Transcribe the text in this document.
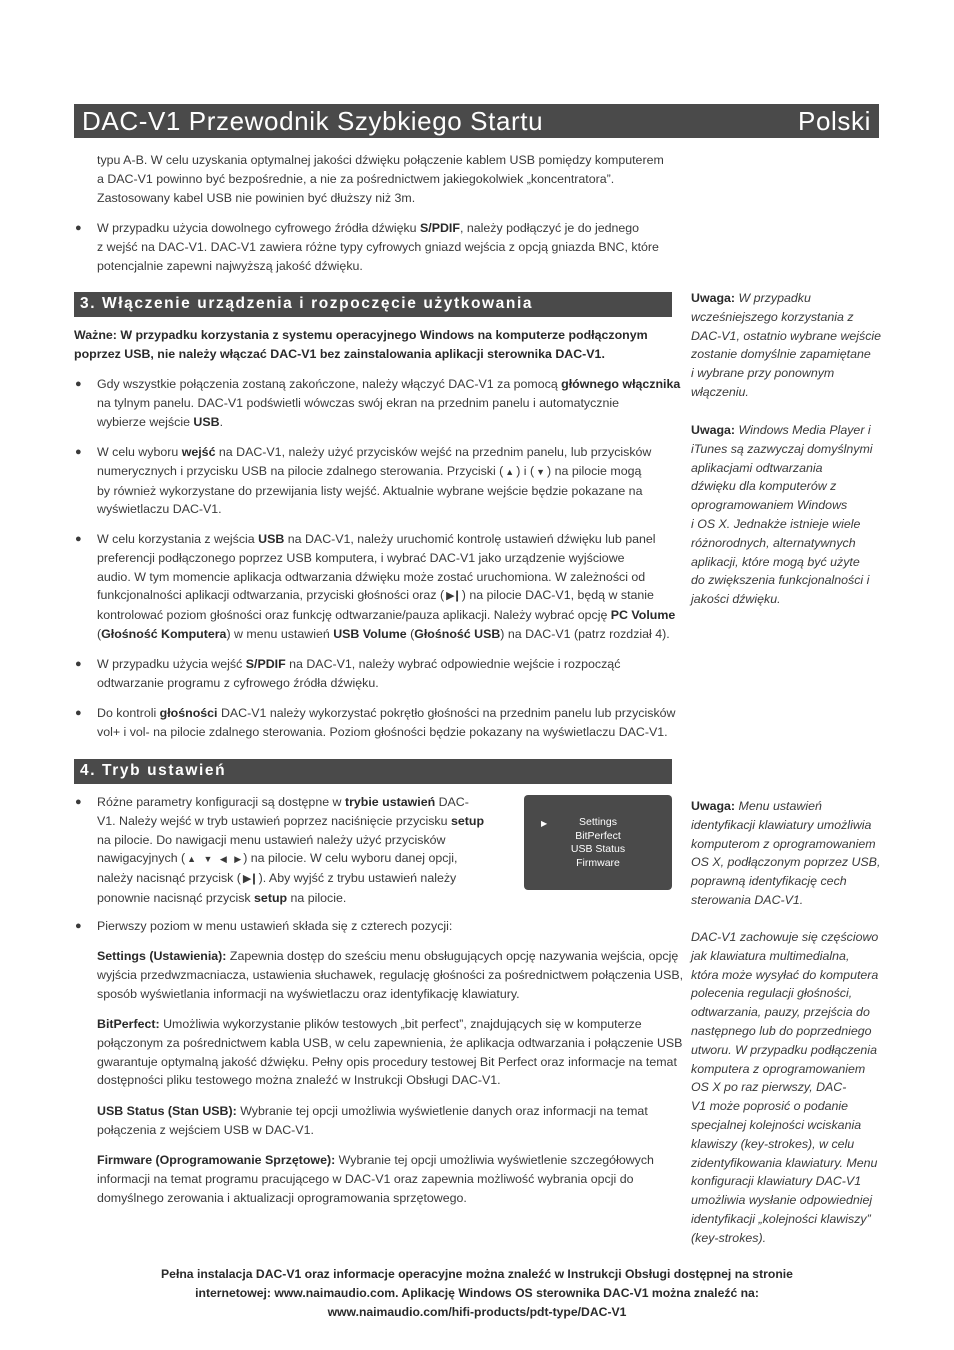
DAC-V1 Przewodnik Szybkiego Startu	Polski
typu A-B. W celu uzyskania optymalnej jakości dźwięku połączenie kablem USB pomiędzy komputerem
a DAC-V1 powinno być bezpośrednie, a nie za pośrednictwem jakiegokolwiek „koncentratora”.
Zastosowany kabel USB nie powinien być dłuższy niż 3m.
● W przypadku użycia dowolnego cyfrowego źródła dźwięku S/PDIF, należy podłączyć je do jednego
z wejść na DAC-V1. DAC-V1 zawiera różne typy cyfrowych gniazd wejścia z opcją gniazda BNC, które
potencjalnie zapewni najwyższą jakość dźwięku.
3. Włączenie urządzenia i rozpoczęcie użytkowania
Ważne: W przypadku korzystania z systemu operacyjnego Windows na komputerze podłączonym
poprzez USB, nie należy włączać DAC-V1 bez zainstalowania aplikacji sterownika DAC-V1.
● Gdy wszystkie połączenia zostaną zakończone, należy włączyć DAC-V1 za pomocą głównego włącznika
na tylnym panelu. DAC-V1 podświetli wówczas swój ekran na przednim panelu i automatycznie
wybierze wejście USB.
● W celu wyboru wejść na DAC-V1, należy użyć przycisków wejść na przednim panelu, lub przycisków
numerycznych i przycisku USB na pilocie zdalnego sterowania. Przyciski ( ▲ ) i ( ▼ ) na pilocie mogą
by również wykorzystane do przewijania listy wejść. Aktualnie wybrane wejście będzie pokazane na
wyświetlaczu DAC-V1.
● W celu korzystania z wejścia USB na DAC-V1, należy uruchomić kontrolę ustawień dźwięku lub panel
preferencji podłączonego poprzez USB komputera, i wybrać DAC-V1 jako urządzenie wyjściowe
audio. W tym momencie aplikacja odtwarzania dźwięku może zostać uruchomiona. W zależności od
funkcjonalności aplikacji odtwarzania, przyciski głośności oraz ( ▶❙ ) na pilocie DAC-V1, będą w stanie
kontrolować poziom głośności oraz funkcję odtwarzanie/pauza aplikacji. Należy wybrać opcję PC Volume
(Głośność Komputera) w menu ustawień USB Volume (Głośność USB) na DAC-V1 (patrz rozdział 4).
● W przypadku użycia wejść S/PDIF na DAC-V1, należy wybrać odpowiednie wejście i rozpocząć
odtwarzanie programu z cyfrowego źródła dźwięku.
● Do kontroli głośności DAC-V1 należy wykorzystać pokrętło głośności na przednim panelu lub przycisków
vol+ i vol- na pilocie zdalnego sterowania. Poziom głośności będzie pokazany na wyświetlaczu DAC-V1.
4. Tryb ustawień
● Różne parametry konfiguracji są dostępne w trybie ustawień DAC-
V1. Należy wejść w tryb ustawień poprzez naciśnięcie przycisku setup
na pilocie. Do nawigacji menu ustawień należy użyć przycisków
nawigacyjnych ( ▲ ▼ ◀ ▶ ) na pilocie. W celu wyboru danej opcji,
należy nacisnąć przycisk ( ▶❙ ). Aby wyjść z trybu ustawień należy
ponownie nacisnąć przycisk setup na pilocie.
▶	Settings
BitPerfect
USB Status
Firmware
● Pierwszy poziom w menu ustawień składa się z czterech pozycji:
Settings (Ustawienia): Zapewnia dostęp do sześciu menu obsługujących opcję nazywania wejścia, opcję
wyjścia przedwzmacniacza, ustawienia słuchawek, regulację głośności za pośrednictwem połączenia USB,
sposób wyświetlania informacji na wyświetlaczu oraz identyfikację klawiatury.
BitPerfect: Umożliwia wykorzystanie plików testowych „bit perfect”, znajdujących się w komputerze
połączonym za pośrednictwem kabla USB, w celu zapewnienia, że aplikacja odtwarzania i połączenie USB
gwarantuje optymalną jakość dźwięku. Pełny opis procedury testowej Bit Perfect oraz informacje na temat
dostępności pliku testowego można znaleźć w Instrukcji Obsługi DAC-V1.
USB Status (Stan USB): Wybranie tej opcji umożliwia wyświetlenie danych oraz informacji na temat
połączenia z wejściem USB w DAC-V1.
Firmware (Oprogramowanie Sprzętowe): Wybranie tej opcji umożliwia wyświetlenie szczegółowych
informacji na temat programu pracującego w DAC-V1 oraz zapewnia możliwość wybrania opcji do
domyślnego zerowania i aktualizacji oprogramowania sprzętowego.
Uwaga: W przypadku
wcześniejszego korzystania z
DAC-V1, ostatnio wybrane wejście
zostanie domyślnie zapamiętane
i wybrane przy ponownym
włączeniu.
Uwaga: Windows Media Player i
iTunes są zazwyczaj domyślnymi
aplikacjami odtwarzania
dźwięku dla komputerów z
oprogramowaniem Windows
i OS X. Jednakże istnieje wiele
różnorodnych, alternatywnych
aplikacji, które mogą być użyte
do zwiększenia funkcjonalności i
jakości dźwięku.
Uwaga: Menu ustawień
identyfikacji klawiatury umożliwia
komputerom z oprogramowaniem
OS X, podłączonym poprzez USB,
poprawną identyfikację cech
sterowania DAC-V1.
DAC-V1 zachowuje się częściowo
jak klawiatura multimedialna,
która może wysyłać do komputera
polecenia regulacji głośności,
odtwarzania, pauzy, przejścia do
następnego lub do poprzedniego
utworu. W przypadku podłączenia
komputera z oprogramowaniem
OS X po raz pierwszy, DAC-
V1 może poprosić o podanie
specjalnej kolejności wciskania
klawiszy (key-strokes), w celu
zidentyfikowania klawiatury. Menu
konfiguracji klawiatury DAC-V1
umożliwia wysłanie odpowiedniej
identyfikacji „kolejności klawiszy”
(key-strokes).
Pełna instalacja DAC-V1 oraz informacje operacyjne można znaleźć w Instrukcji Obsługi dostępnej na stronie
internetowej: www.naimaudio.com. Aplikację Windows OS sterownika DAC-V1 można znaleźć na:
www.naimaudio.com/hifi-products/pdt-type/DAC-V1
